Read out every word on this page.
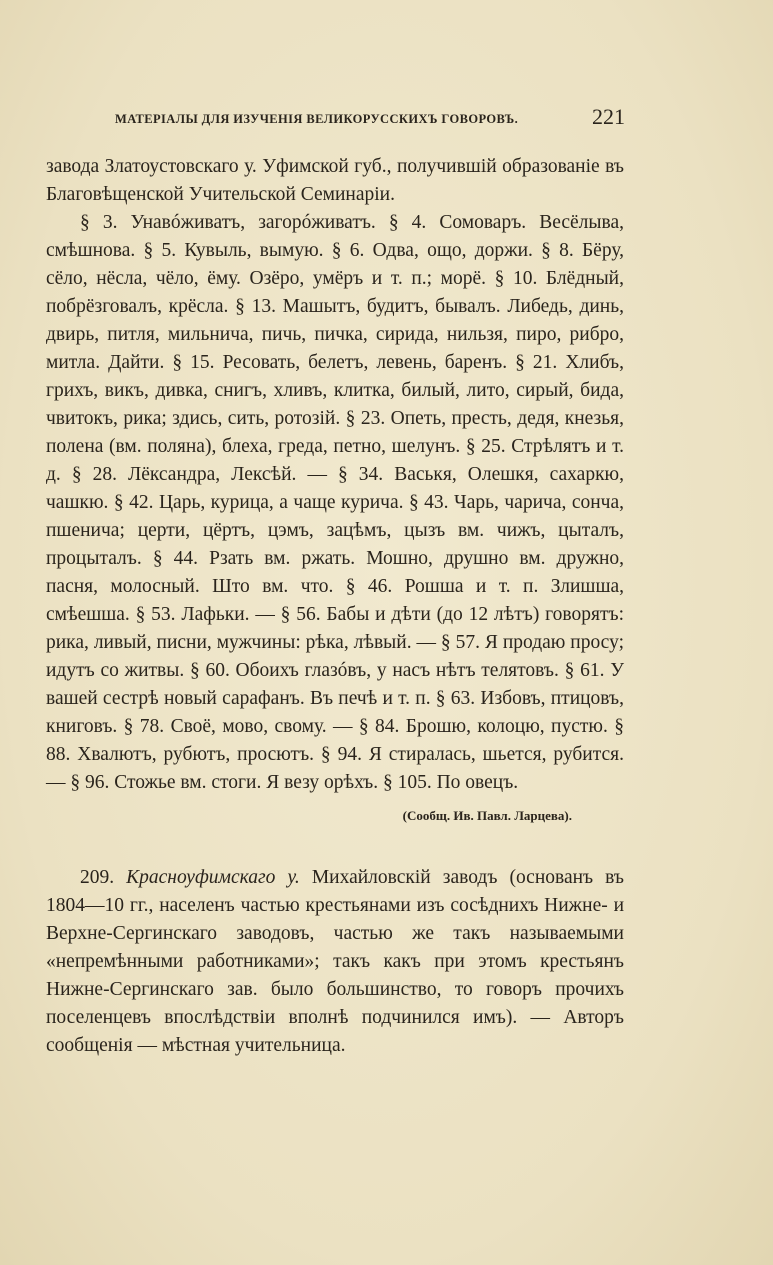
МАТЕРІАЛЫ ДЛЯ ИЗУЧЕНІЯ ВЕЛИКОРУССКИХЪ ГОВОРОВЪ.	221

завода Златоустовскаго у. Уфимской губ., получившій образованіе въ Благовѣщенской Учительской Семинаріи.

§ 3. Унавóживатъ, загорóживатъ. § 4. Сомоваръ. Весёлыва, смѣшнова. § 5. Кувыль, вымую. § 6. Одва, ощо, доржи. § 8. Бёру, сёло, нёсла, чёло, ёму. Озёро, умёръ и т. п.; морё. § 10. Блёдный, побрёзговалъ, крёсла. § 13. Машытъ, будитъ, бывалъ. Либедь, динь, двирь, питля, мильнича, пичь, пичка, сирида, нильзя, пиро, рибро, митла. Дайти. § 15. Ресовать, белетъ, левень, баренъ. § 21. Хлибъ, грихъ, викъ, дивка, снигъ, хливъ, клитка, билый, лито, сирый, бида, чвитокъ, рика; здись, сить, ротозій. § 23. Опеть, престь, дедя, кнезья, полена (вм. поляна), блеха, греда, петно, шелунъ. § 25. Стрѣлятъ и т. д. § 28. Лёксандра, Лексѣй. — § 34. Васькя, Олешкя, сахаркю, чашкю. § 42. Царь, курица, а чаще курича. § 43. Чарь, чарича, сонча, пшенича; церти, цёртъ, цэмъ, зацѣмъ, цызъ вм. чижъ, цыталъ, процыталъ. § 44. Рзать вм. ржать. Мошно, друшно вм. дружно, пасня, молосный. Што вм. что. § 46. Рошша и т. п. Злишша, смѣешша. § 53. Лафьки. — § 56. Бабы и дѣти (до 12 лѣтъ) говорятъ: рика, ливый, писни, мужчины: рѣка, лѣвый. — § 57. Я продаю просу; идутъ со житвы. § 60. Обоихъ глазóвъ, у насъ нѣтъ телятовъ. § 61. У вашей сестрѣ новый сарафанъ. Въ печѣ и т. п. § 63. Избовъ, птицовъ, книговъ. § 78. Своё, мово, свому. — § 84. Брошю, колоцю, пустю. § 88. Хвалютъ, рубютъ, просютъ. § 94. Я стиралась, шьется, рубится. — § 96. Стожье вм. стоги. Я везу орѣхъ. § 105. По овецъ.

(Сообщ. Ив. Павл. Ларцева).

209. Красноуфимскаго у. Михайловскій заводъ (основанъ въ 1804—10 гг., населенъ частью крестьянами изъ сосѣднихъ Нижне- и Верхне-Сергинскаго заводовъ, частью же такъ называемыми «непремѣнными работниками»; такъ какъ при этомъ крестьянъ Нижне-Сергинскаго зав. было большинство, то говоръ прочихъ поселенцевъ впослѣдствіи вполнѣ подчинился имъ). — Авторъ сообщенія — мѣстная учительница.
